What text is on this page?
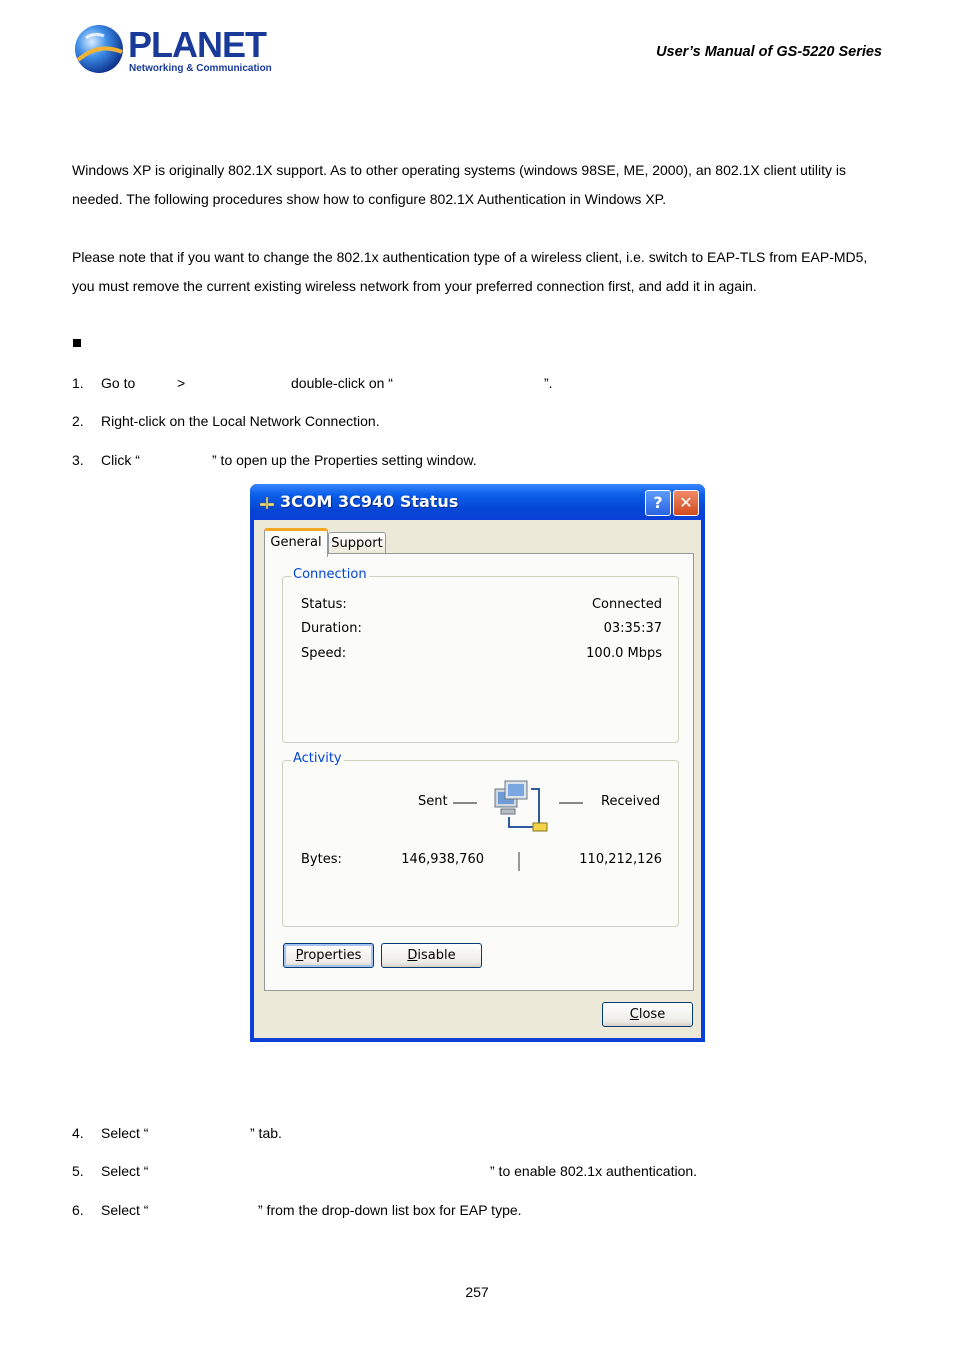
PLANET
Networking & Communication
User’s Manual of GS-5220 Series
Windows XP is originally 802.1X support. As to other operating systems (windows 98SE, ME, 2000), an 802.1X client utility is
needed. The following procedures show how to configure 802.1X Authentication in Windows XP.
Please note that if you want to change the 802.1x authentication type of a wireless client, i.e. switch to EAP-TLS from EAP-MD5,
you must remove the current existing wireless network from your preferred connection first, and add it in again.
1. Go to	>	double-click on “	”.
2. Right-click on the Local Network Connection.
3. Click “	” to open up the Properties setting window.
3COM 3C940 Status	?	✕
General Support
Connection
Status:	Connected
Duration:	03:35:37
Speed:	100.0 Mbps
Activity
Sent	Received
Bytes:	146,938,760	110,212,126
Properties	Disable
Close
4. Select “	” tab.
5. Select “	” to enable 802.1x authentication.
6. Select “	” from the drop-down list box for EAP type.
257
